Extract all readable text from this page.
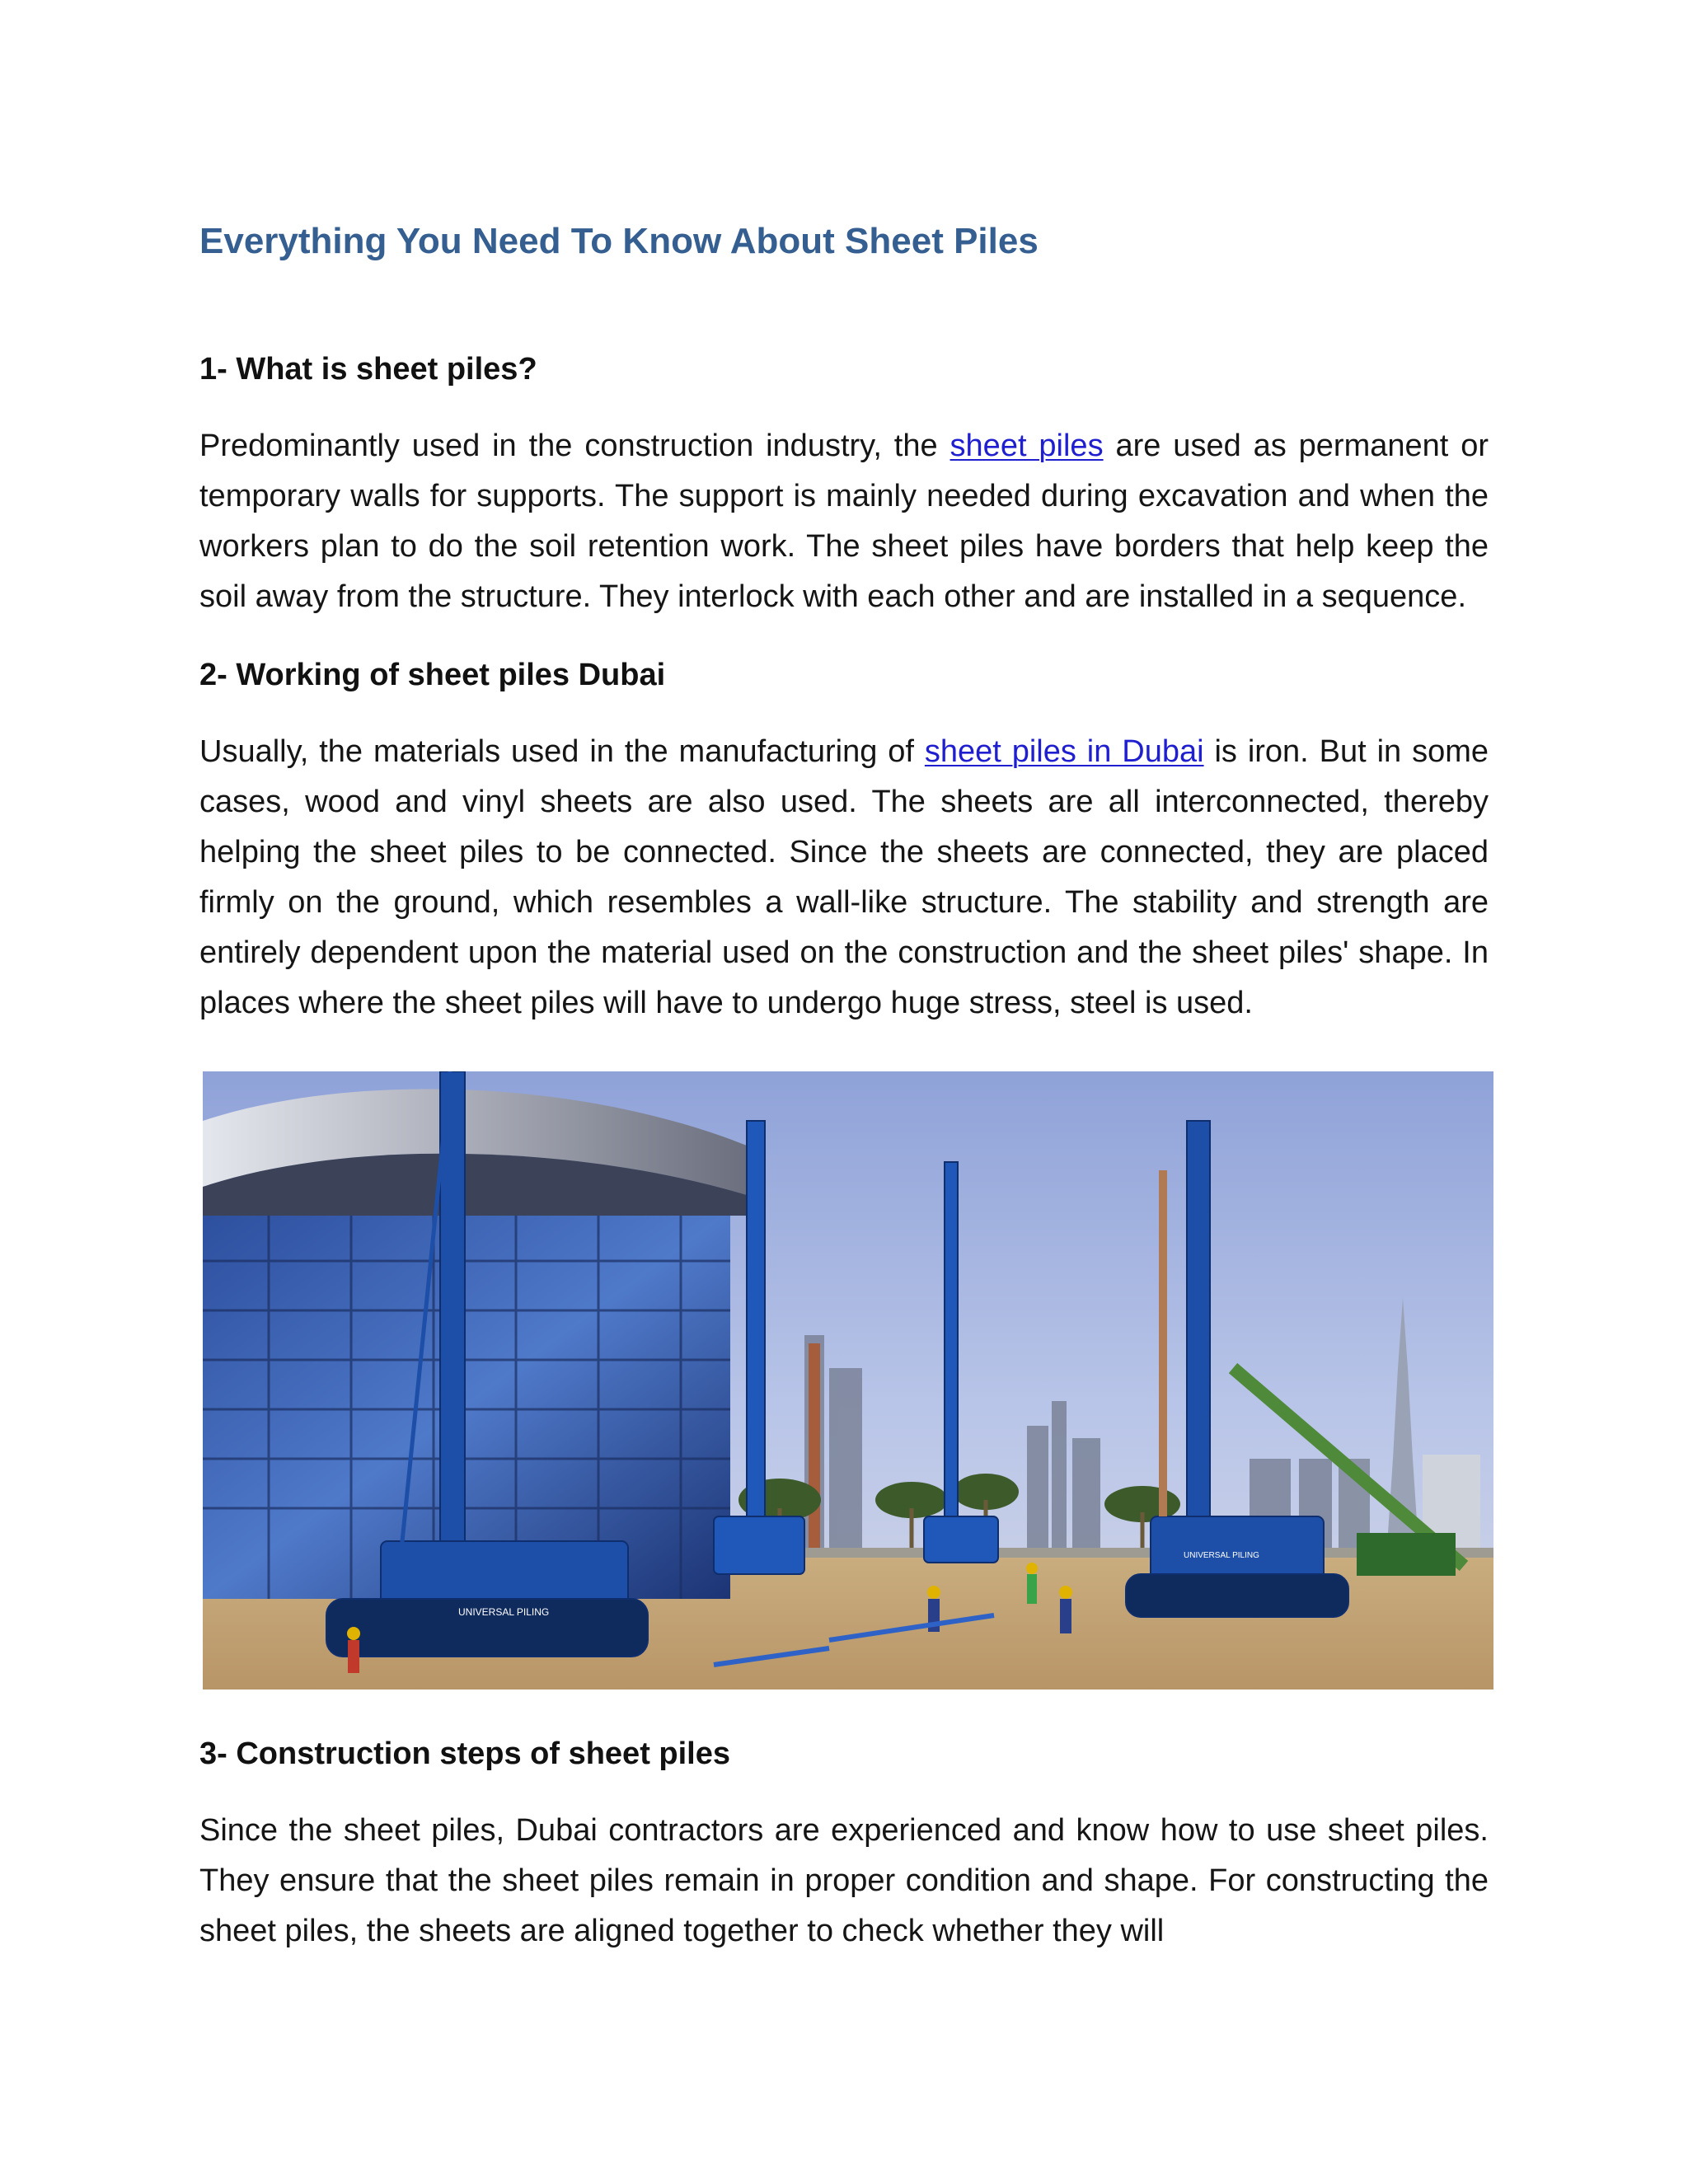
Everything You Need To Know About Sheet Piles
1- What is sheet piles?

Predominantly used in the construction industry, the sheet piles are used as permanent or temporary walls for supports. The support is mainly needed during excavation and when the workers plan to do the soil retention work. The sheet piles have borders that help keep the soil away from the structure. They interlock with each other and are installed in a sequence.

2- Working of sheet piles Dubai

Usually, the materials used in the manufacturing of sheet piles in Dubai is iron. But in some cases, wood and vinyl sheets are also used. The sheets are all interconnected, thereby helping the sheet piles to be connected. Since the sheets are connected, they are placed firmly on the ground, which resembles a wall-like structure. The stability and strength are entirely dependent upon the material used on the construction and the sheet piles' shape. In places where the sheet piles will have to undergo huge stress, steel is used.

UNIVERSAL PILING
UNIVERSAL PILING
3- Construction steps of sheet piles

Since the sheet piles, Dubai contractors are experienced and know how to use sheet piles. They ensure that the sheet piles remain in proper condition and shape. For constructing the sheet piles, the sheets are aligned together to check whether they will
